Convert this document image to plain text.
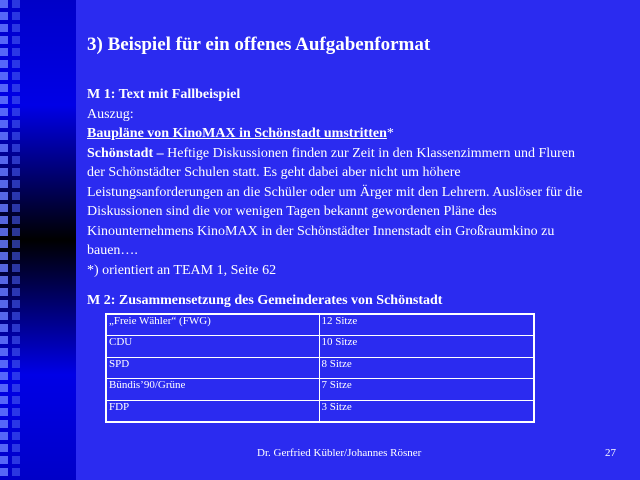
3) Beispiel für ein offenes Aufgabenformat
M 1: Text mit Fallbeispiel
Auszug:
Baupläne von KinoMAX in Schönstadt umstritten*
Schönstadt – Heftige Diskussionen finden zur Zeit in den Klassenzimmern und Fluren der Schönstädter Schulen statt. Es geht dabei aber nicht um höhere Leistungsanforderungen an die Schüler oder um Ärger mit den Lehrern. Auslöser für die Diskussionen sind die vor wenigen Tagen bekannt gewordenen Pläne des Kinounternehmens KinoMAX in der Schönstädter Innenstadt ein Großraumkino zu bauen….
*) orientiert an TEAM 1, Seite 62
M 2: Zusammensetzung des Gemeinderates von Schönstadt
„Freie Wähler“ (FWG)	12 Sitze
CDU	10 Sitze
SPD	8 Sitze
Bündis’90/Grüne	7 Sitze
FDP	3 Sitze
Dr. Gerfried Kübler/Johannes Rösner	27
